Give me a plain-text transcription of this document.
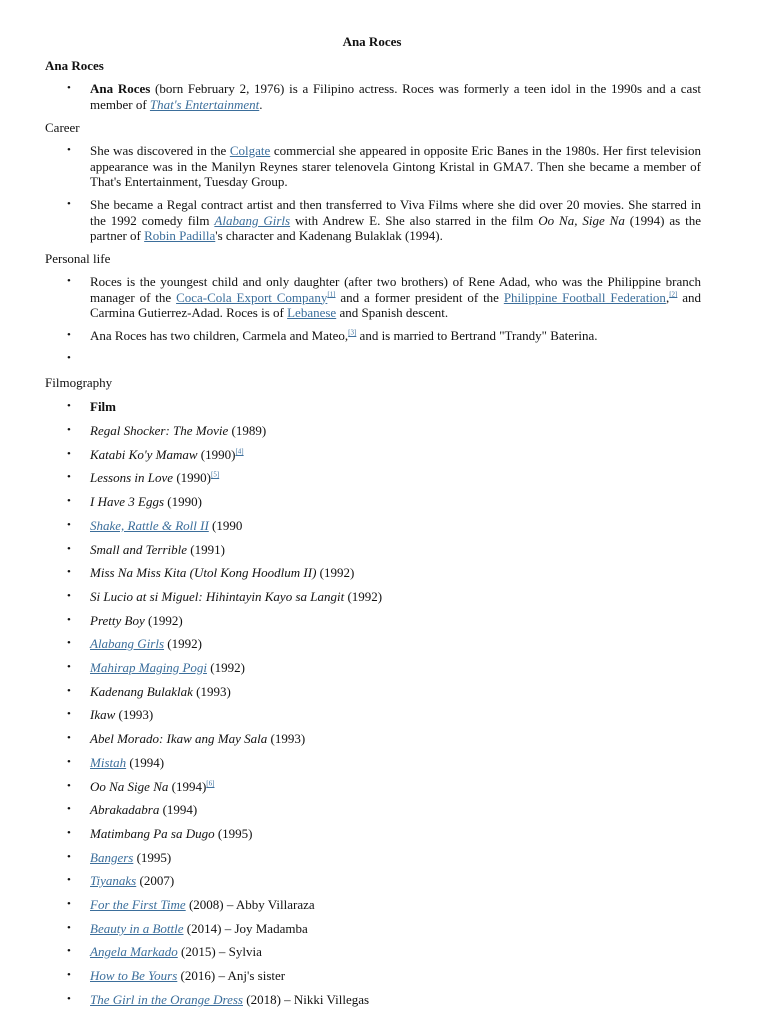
Ana Roces
Ana Roces
• Ana Roces (born February 2, 1976) is a Filipino actress. Roces was formerly a teen idol in the 1990s and a cast member of That's Entertainment.
Career
• She was discovered in the Colgate commercial she appeared in opposite Eric Banes in the 1980s. Her first television appearance was in the Manilyn Reynes starer telenovela Gintong Kristal in GMA7. Then she became a member of That's Entertainment, Tuesday Group.
• She became a Regal contract artist and then transferred to Viva Films where she did over 20 movies. She starred in the 1992 comedy film Alabang Girls with Andrew E. She also starred in the film Oo Na, Sige Na (1994) as the partner of Robin Padilla's character and Kadenang Bulaklak (1994).
Personal life
• Roces is the youngest child and only daughter (after two brothers) of Rene Adad, who was the Philippine branch manager of the Coca-Cola Export Company[1] and a former president of the Philippine Football Federation,[2] and Carmina Gutierrez-Adad. Roces is of Lebanese and Spanish descent.
• Ana Roces has two children, Carmela and Mateo,[3] and is married to Bertrand "Trandy" Baterina.
•
Filmography
• Film
• Regal Shocker: The Movie (1989)
• Katabi Ko'y Mamaw (1990)[4]
• Lessons in Love (1990)[5]
• I Have 3 Eggs (1990)
• Shake, Rattle & Roll II (1990
• Small and Terrible (1991)
• Miss Na Miss Kita (Utol Kong Hoodlum II) (1992)
• Si Lucio at si Miguel: Hihintayin Kayo sa Langit (1992)
• Pretty Boy (1992)
• Alabang Girls (1992)
• Mahirap Maging Pogi (1992)
• Kadenang Bulaklak (1993)
• Ikaw (1993)
• Abel Morado: Ikaw ang May Sala (1993)
• Mistah (1994)
• Oo Na Sige Na (1994)[6]
• Abrakadabra (1994)
• Matimbang Pa sa Dugo (1995)
• Bangers (1995)
• Tiyanaks (2007)
• For the First Time (2008) – Abby Villaraza
• Beauty in a Bottle (2014) – Joy Madamba
• Angela Markado (2015) – Sylvia
• How to Be Yours (2016) – Anj's sister
• The Girl in the Orange Dress (2018) – Nikki Villegas
